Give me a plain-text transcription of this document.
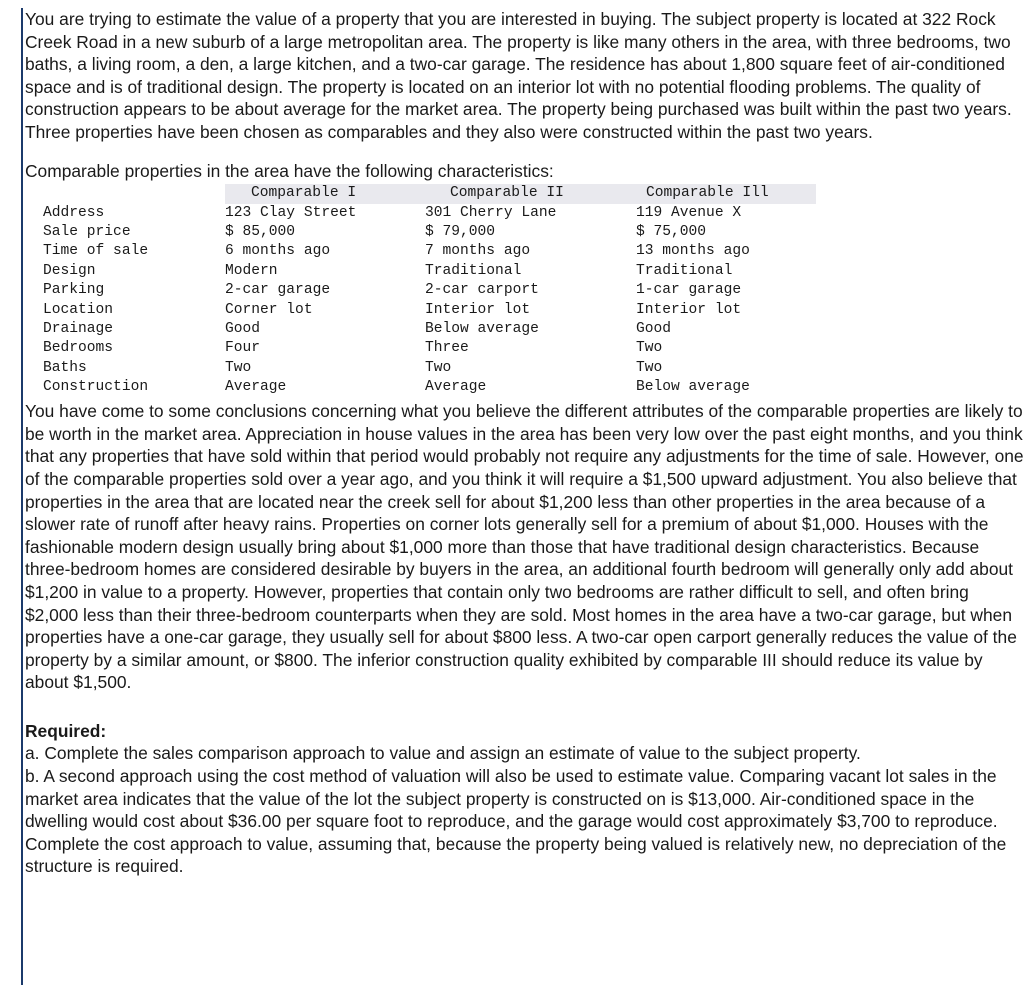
You are trying to estimate the value of a property that you are interested in buying. The subject property is located at 322 Rock Creek Road in a new suburb of a large metropolitan area. The property is like many others in the area, with three bedrooms, two baths, a living room, a den, a large kitchen, and a two-car garage. The residence has about 1,800 square feet of air-conditioned space and is of traditional design. The property is located on an interior lot with no potential flooding problems. The quality of construction appears to be about average for the market area. The property being purchased was built within the past two years. Three properties have been chosen as comparables and they also were constructed within the past two years.

Comparable properties in the area have the following characteristics:

	Comparable I	Comparable II	Comparable Ill
Address	123 Clay Street	301 Cherry Lane	119 Avenue X
Sale price	$ 85,000	$ 79,000	$ 75,000
Time of sale	6 months ago	7 months ago	13 months ago
Design	Modern	Traditional	Traditional
Parking	2-car garage	2-car carport	1-car garage
Location	Corner lot	Interior lot	Interior lot
Drainage	Good	Below average	Good
Bedrooms	Four	Three	Two
Baths	Two	Two	Two
Construction	Average	Average	Below average

You have come to some conclusions concerning what you believe the different attributes of the comparable properties are likely to be worth in the market area. Appreciation in house values in the area has been very low over the past eight months, and you think that any properties that have sold within that period would probably not require any adjustments for the time of sale. However, one of the comparable properties sold over a year ago, and you think it will require a $1,500 upward adjustment. You also believe that properties in the area that are located near the creek sell for about $1,200 less than other properties in the area because of a slower rate of runoff after heavy rains. Properties on corner lots generally sell for a premium of about $1,000. Houses with the fashionable modern design usually bring about $1,000 more than those that have traditional design characteristics. Because three-bedroom homes are considered desirable by buyers in the area, an additional fourth bedroom will generally only add about $1,200 in value to a property. However, properties that contain only two bedrooms are rather difficult to sell, and often bring $2,000 less than their three-bedroom counterparts when they are sold. Most homes in the area have a two-car garage, but when properties have a one-car garage, they usually sell for about $800 less. A two-car open carport generally reduces the value of the property by a similar amount, or $800. The inferior construction quality exhibited by comparable III should reduce its value by about $1,500.

Required:

a. Complete the sales comparison approach to value and assign an estimate of value to the subject property.

b. A second approach using the cost method of valuation will also be used to estimate value. Comparing vacant lot sales in the market area indicates that the value of the lot the subject property is constructed on is $13,000. Air-conditioned space in the dwelling would cost about $36.00 per square foot to reproduce, and the garage would cost approximately $3,700 to reproduce. Complete the cost approach to value, assuming that, because the property being valued is relatively new, no depreciation of the structure is required.
